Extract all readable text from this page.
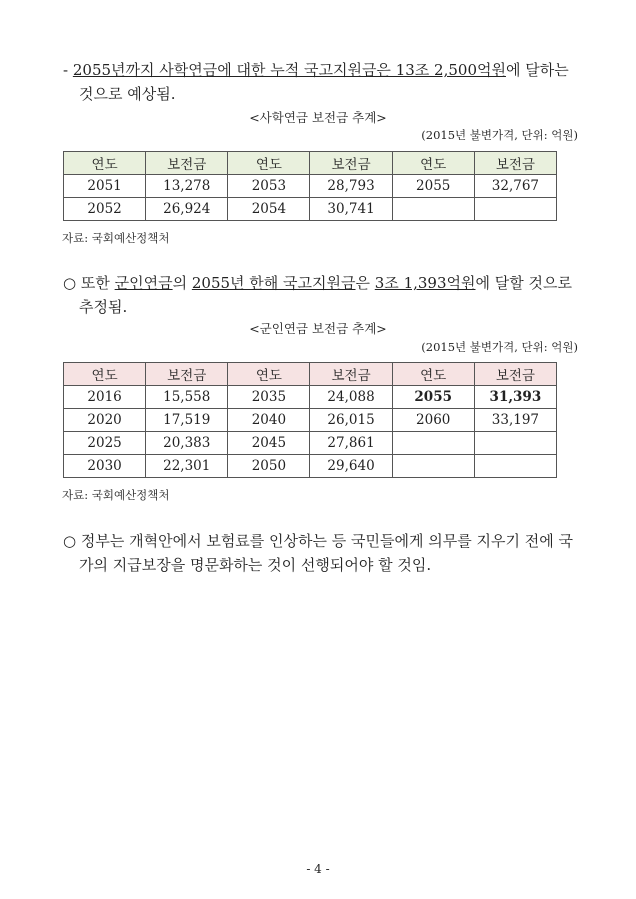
- 2055년까지 사학연금에 대한 누적 국고지원금은 13조 2,500억원에 달하는
것으로 예상됨.
<사학연금 보전금 추계>
(2015년 불변가격, 단위: 억원)
연도	보전금	연도	보전금	연도	보전금
2051	13,278	2053	28,793	2055	32,767
2052	26,924	2054	30,741		
자료: 국회예산정책처
○ 또한 군인연금의 2055년 한해 국고지원금은 3조 1,393억원에 달할 것으로
추정됨.
<군인연금 보전금 추계>
(2015년 불변가격, 단위: 억원)
연도	보전금	연도	보전금	연도	보전금
2016	15,558	2035	24,088	2055	31,393
2020	17,519	2040	26,015	2060	33,197
2025	20,383	2045	27,861		
2030	22,301	2050	29,640		
자료: 국회예산정책처
○ 정부는 개혁안에서 보험료를 인상하는 등 국민들에게 의무를 지우기 전에 국
가의 지급보장을 명문화하는 것이 선행되어야 할 것임.
- 4 -
